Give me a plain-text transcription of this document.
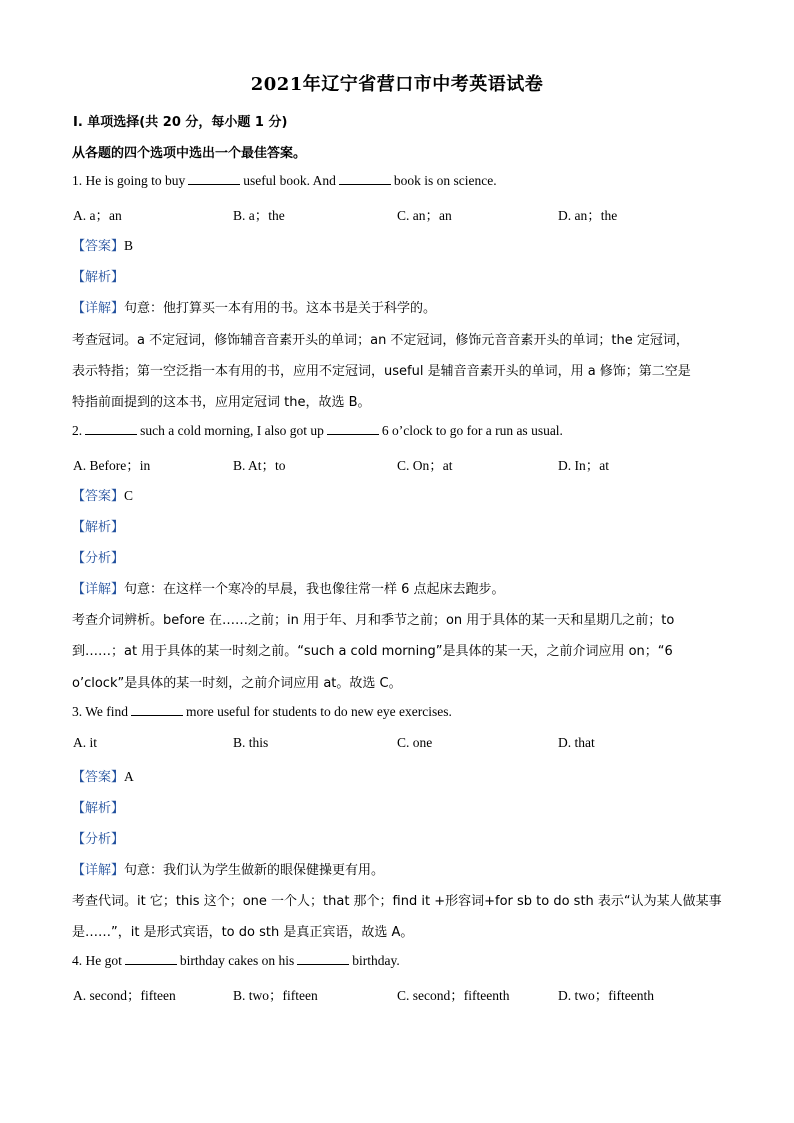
2021年辽宁省营口市中考英语试卷
Ⅰ. 单项选择(共 20 分，每小题 1 分)
从各题的四个选项中选出一个最佳答案。
1. He is going to buy	useful book. And	book is on science.
A. a；an	B. a；the	C. an；an	D. an；the
【答案】B
【解析】
【详解】句意：他打算买一本有用的书。这本书是关于科学的。
考查冠词。a 不定冠词，修饰辅音音素开头的单词；an 不定冠词，修饰元音音素开头的单词；the 定冠词，
表示特指；第一空泛指一本有用的书，应用不定冠词，useful 是辅音音素开头的单词，用 a 修饰；第二空是
特指前面提到的这本书，应用定冠词 the，故选 B。
2.	such a cold morning, I also got up	6 o’clock to go for a run as usual.
A. Before；in	B. At；to	C. On；at	D. In；at
【答案】C
【解析】
【分析】
【详解】句意：在这样一个寒冷的早晨，我也像往常一样 6 点起床去跑步。
考查介词辨析。before 在……之前；in 用于年、月和季节之前；on 用于具体的某一天和星期几之前；to
到……；at 用于具体的某一时刻之前。“such a cold morning”是具体的某一天，之前介词应用 on；“6
o’clock”是具体的某一时刻，之前介词应用 at。故选 C。
3. We find	more useful for students to do new eye exercises.
A. it	B. this	C. one	D. that
【答案】A
【解析】
【分析】
【详解】句意：我们认为学生做新的眼保健操更有用。
考查代词。it 它；this 这个；one 一个人；that 那个；find it +形容词+for sb to do sth 表示“认为某人做某事
是……”，it 是形式宾语，to do sth 是真正宾语，故选 A。
4. He got	birthday cakes on his	birthday.
A. second；fifteen	B. two；fifteen	C. second；fifteenth	D. two；fifteenth
